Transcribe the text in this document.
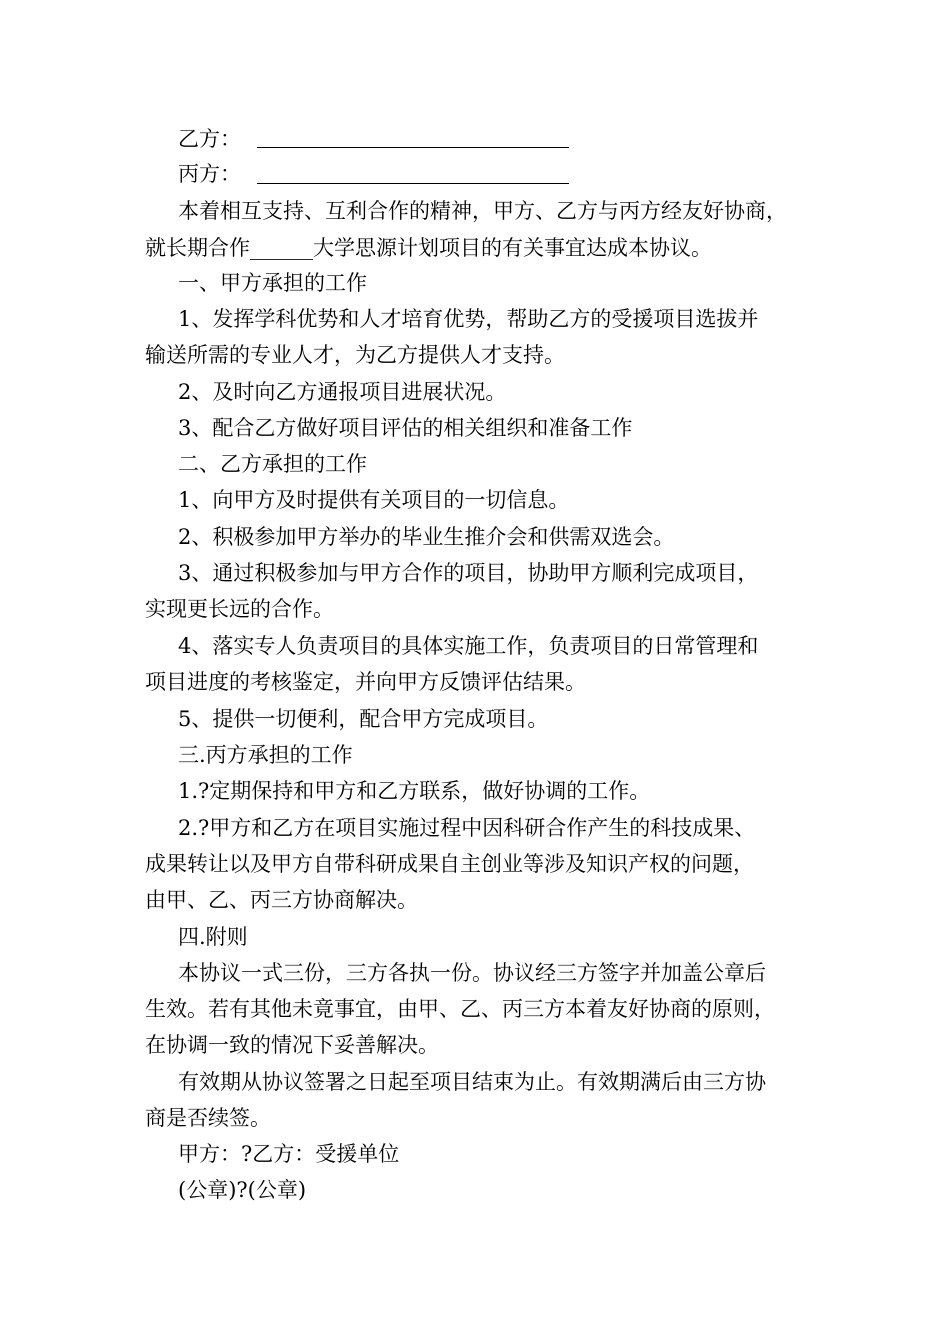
乙方：
丙方：
本着相互支持、互利合作的精神，甲方、乙方与丙方经友好协商，
就长期合作______大学思源计划项目的有关事宜达成本协议。
一、甲方承担的工作
1、发挥学科优势和人才培育优势，帮助乙方的受援项目选拔并
输送所需的专业人才，为乙方提供人才支持。
2、及时向乙方通报项目进展状况。
3、配合乙方做好项目评估的相关组织和准备工作
二、乙方承担的工作
1、向甲方及时提供有关项目的一切信息。
2、积极参加甲方举办的毕业生推介会和供需双选会。
3、通过积极参加与甲方合作的项目，协助甲方顺利完成项目，
实现更长远的合作。
4、落实专人负责项目的具体实施工作，负责项目的日常管理和
项目进度的考核鉴定，并向甲方反馈评估结果。
5、提供一切便利，配合甲方完成项目。
三.丙方承担的工作
1.?定期保持和甲方和乙方联系，做好协调的工作。
2.?甲方和乙方在项目实施过程中因科研合作产生的科技成果、
成果转让以及甲方自带科研成果自主创业等涉及知识产权的问题，
由甲、乙、丙三方协商解决。
四.附则
本协议一式三份，三方各执一份。协议经三方签字并加盖公章后
生效。若有其他未竟事宜，由甲、乙、丙三方本着友好协商的原则，
在协调一致的情况下妥善解决。
有效期从协议签署之日起至项目结束为止。有效期满后由三方协
商是否续签。
甲方：?乙方：受援单位
(公章)?(公章)
